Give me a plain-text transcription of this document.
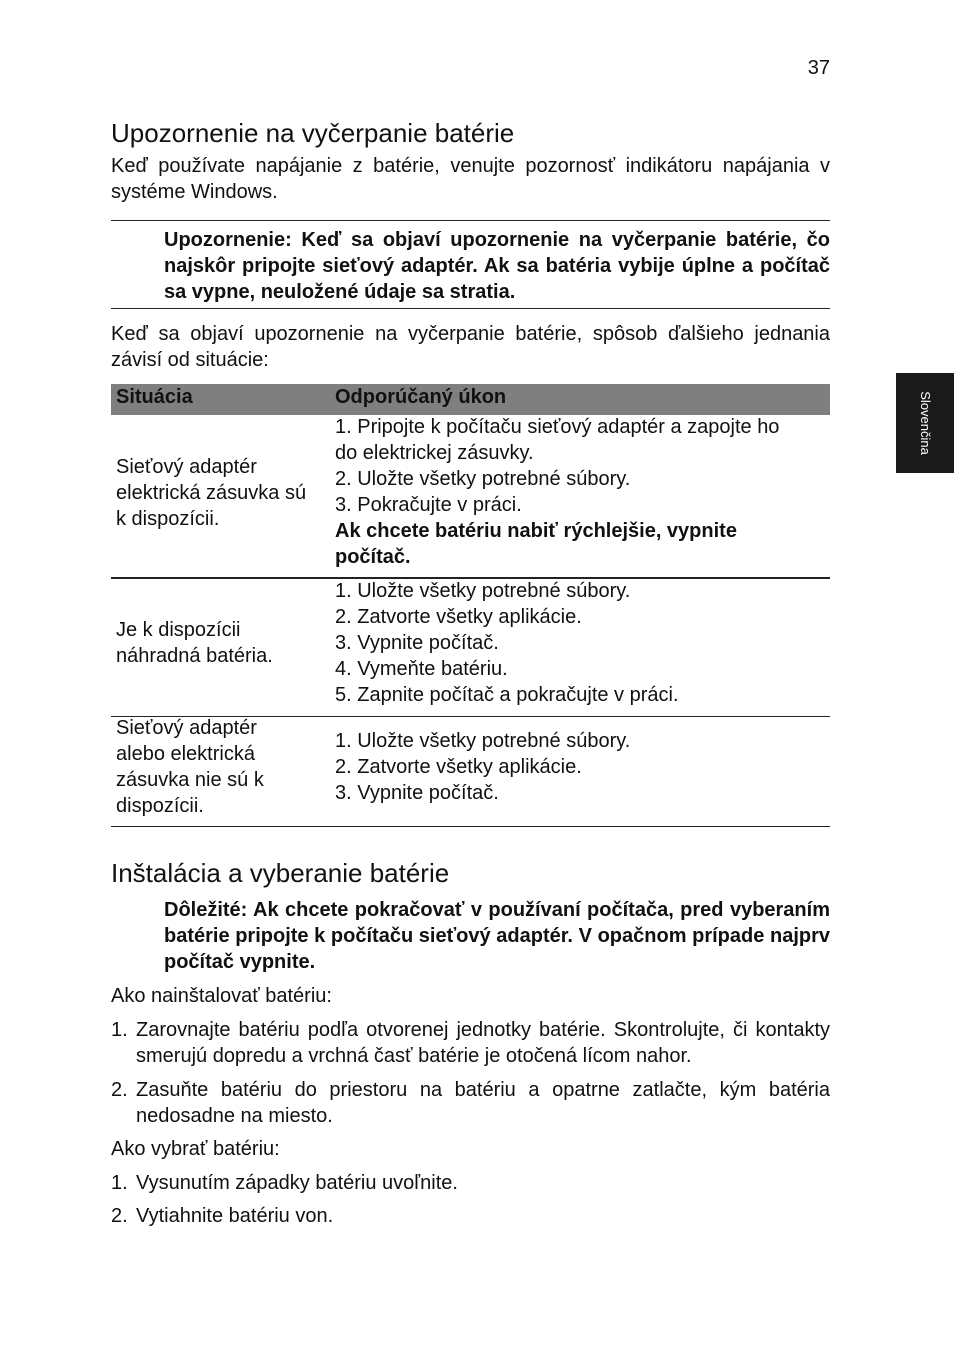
37
Slovenčina
Upozornenie na vyčerpanie batérie

Keď používate napájanie z batérie, venujte pozornosť indikátoru napájania v systéme Windows.

Upozornenie: Keď sa objaví upozornenie na vyčerpanie batérie, čo najskôr pripojte sieťový adaptér. Ak sa batéria vybije úplne a počítač sa vypne, neuložené údaje sa stratia.

Keď sa objaví upozornenie na vyčerpanie batérie, spôsob ďalšieho jednania závisí od situácie:

Situácia	Odporúčaný úkon
Sieťový adaptér
elektrická zásuvka sú
k dispozícii.
1. Pripojte k počítaču sieťový adaptér a zapojte ho
do elektrickej zásuvky.
2. Uložte všetky potrebné súbory.
3. Pokračujte v práci.
Ak chcete batériu nabiť rýchlejšie, vypnite
počítač.
Je k dispozícii
náhradná batéria.
1. Uložte všetky potrebné súbory.
2. Zatvorte všetky aplikácie.
3. Vypnite počítač.
4. Vymeňte batériu.
5. Zapnite počítač a pokračujte v práci.
Sieťový adaptér
alebo elektrická
zásuvka nie sú k
dispozícii.
1. Uložte všetky potrebné súbory.
2. Zatvorte všetky aplikácie.
3. Vypnite počítač.
Inštalácia a vyberanie batérie

Dôležité: Ak chcete pokračovať v používaní počítača, pred vyberaním batérie pripojte k počítaču sieťový adaptér. V opačnom prípade najprv počítač vypnite.

Ako nainštalovať batériu:

1. Zarovnajte batériu podľa otvorenej jednotky batérie. Skontrolujte, či kontakty smerujú dopredu a vrchná časť batérie je otočená lícom nahor.
2. Zasuňte batériu do priestoru na batériu a opatrne zatlačte, kým batéria nedosadne na miesto.

Ako vybrať batériu:

1. Vysunutím západky batériu uvoľnite.
2. Vytiahnite batériu von.
